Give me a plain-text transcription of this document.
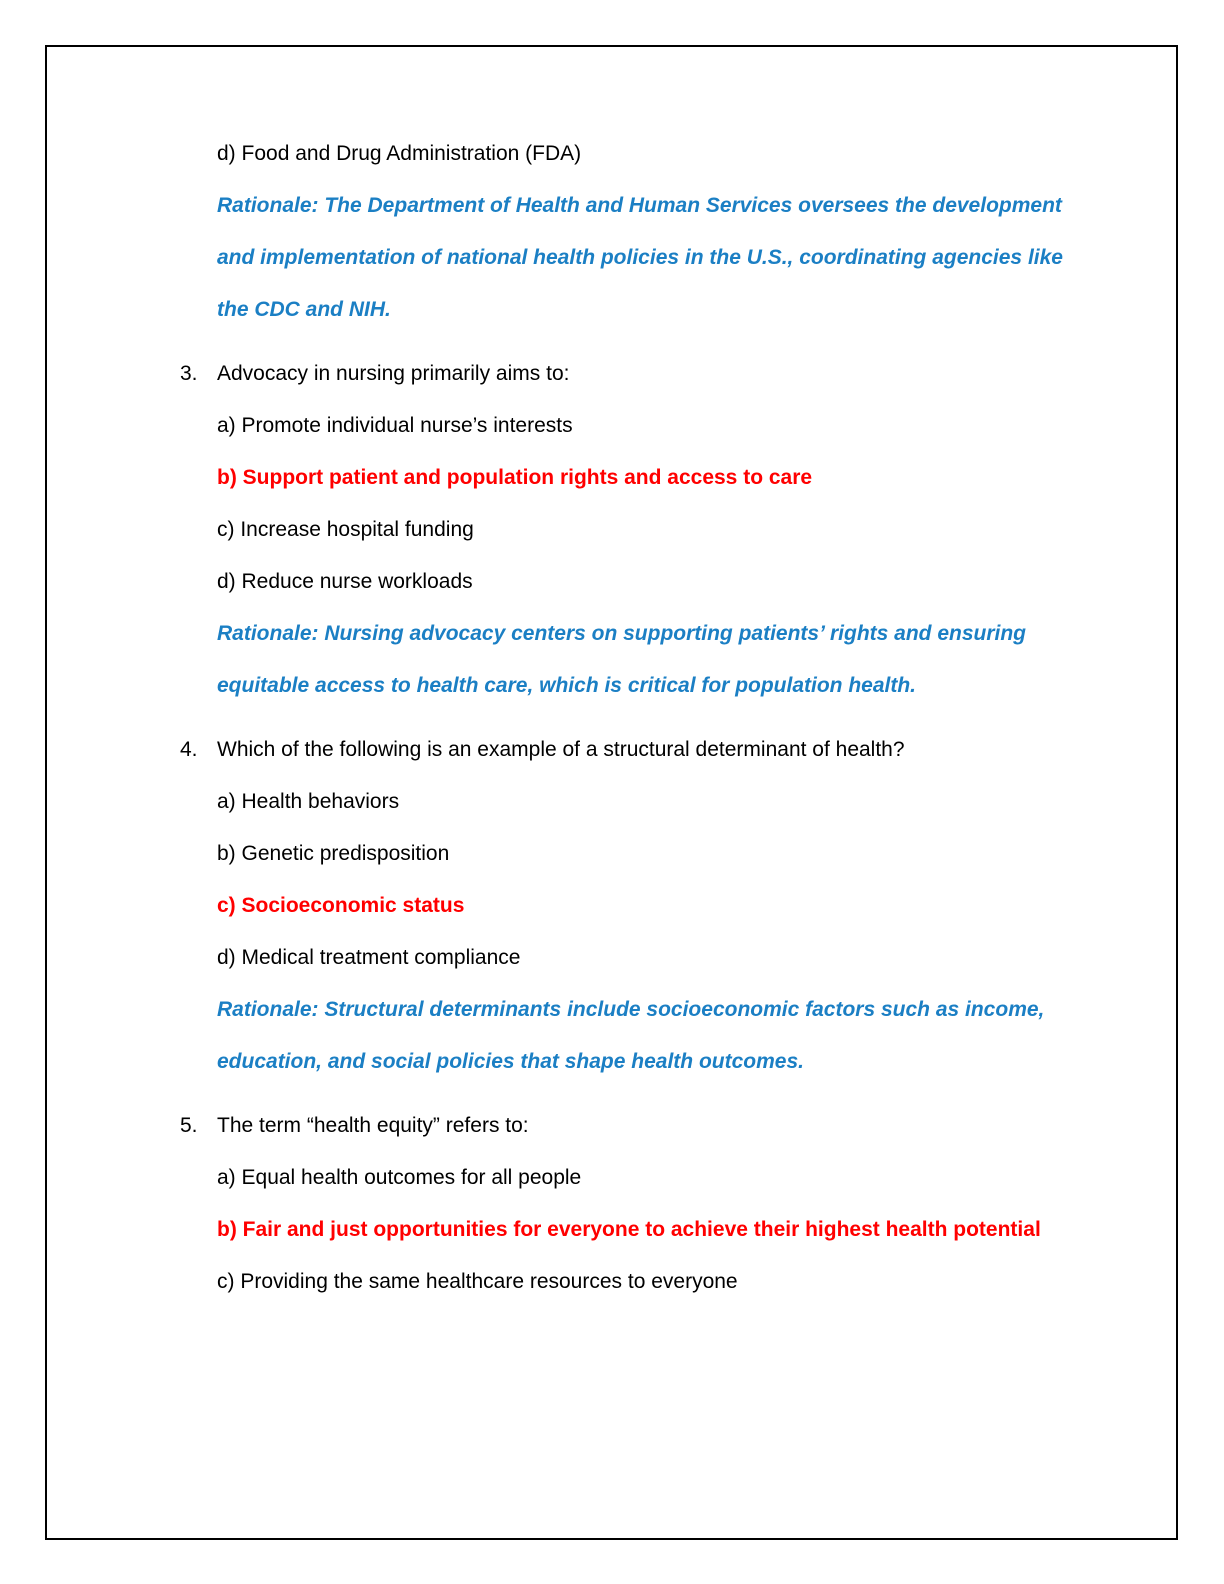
d) Food and Drug Administration (FDA)

Rationale: The Department of Health and Human Services oversees the development and implementation of national health policies in the U.S., coordinating agencies like the CDC and NIH.

3. Advocacy in nursing primarily aims to:

a) Promote individual nurse’s interests

b) Support patient and population rights and access to care

c) Increase hospital funding

d) Reduce nurse workloads

Rationale: Nursing advocacy centers on supporting patients’ rights and ensuring equitable access to health care, which is critical for population health.

4. Which of the following is an example of a structural determinant of health?

a) Health behaviors

b) Genetic predisposition

c) Socioeconomic status

d) Medical treatment compliance

Rationale: Structural determinants include socioeconomic factors such as income, education, and social policies that shape health outcomes.

5. The term “health equity” refers to:

a) Equal health outcomes for all people

b) Fair and just opportunities for everyone to achieve their highest health potential

c) Providing the same healthcare resources to everyone
